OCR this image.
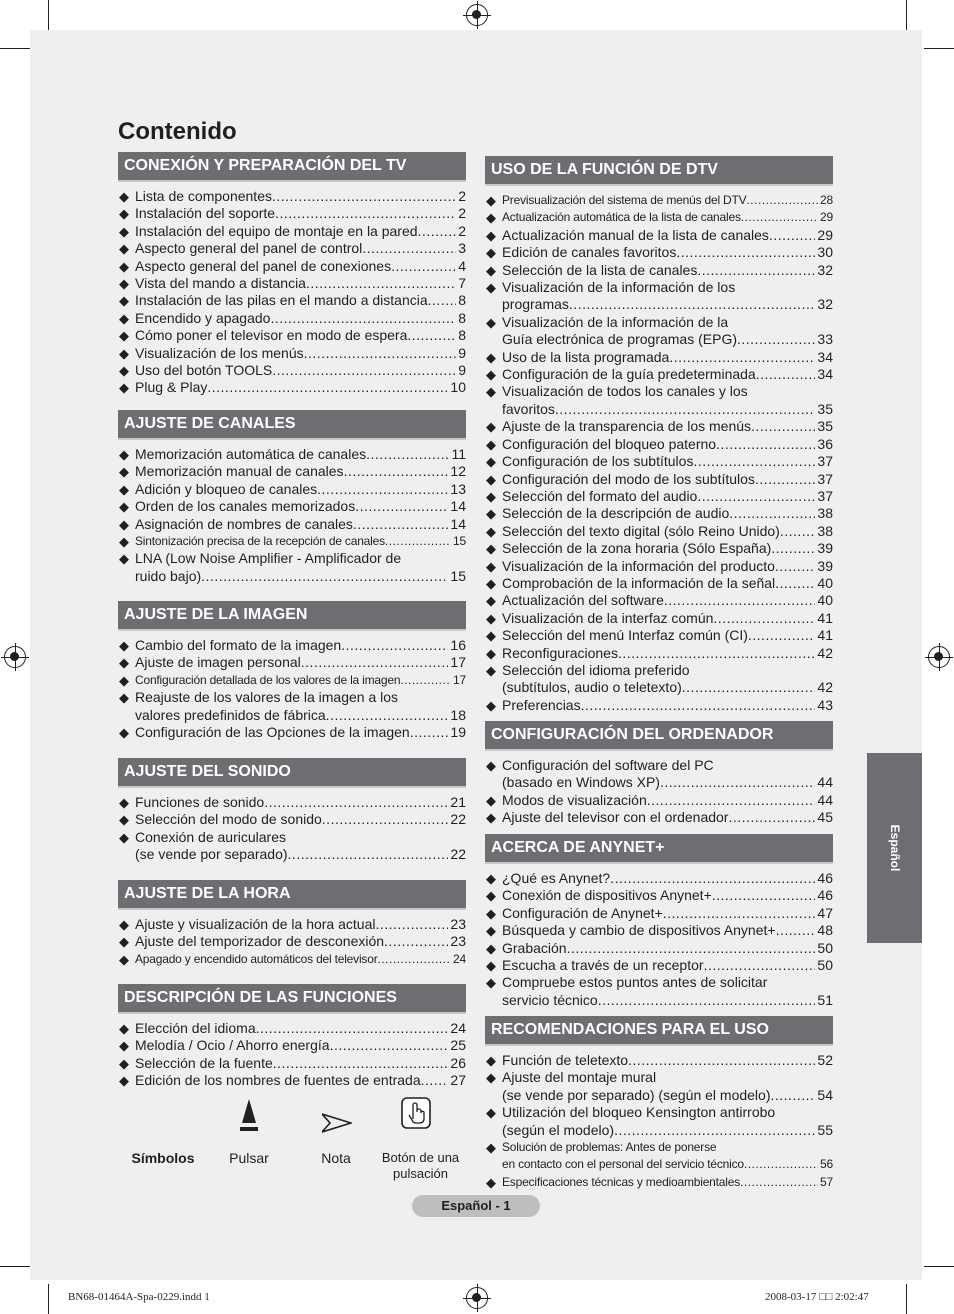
Contenido
CONEXIÓN Y PREPARACIÓN DEL TV
◆ Lista de componentes .....	2
◆ Instalación del soporte .....	2
◆ Instalación del equipo de montaje en la pared .....	2
◆ Aspecto general del panel de control .....	3
◆ Aspecto general del panel de conexiones .....	4
◆ Vista del mando a distancia .....	7
◆ Instalación de las pilas en el mando a distancia ..... 8
◆ Encendido y apagado .....	8
◆ Cómo poner el televisor en modo de espera .....	8
◆ Visualización de los menús .....	9
◆ Uso del botón TOOLS .....	9
◆ Plug & Play .....	10
AJUSTE DE CANALES
◆ Memorización automática de canales .....	11
◆ Memorización manual de canales .....	12
◆ Adición y bloqueo de canales .....	13
◆ Orden de los canales memorizados .....	14
◆ Asignación de nombres de canales .....	14
◆ Sintonización precisa de la recepción de canales .....	15
◆ LNA (Low Noise Amplifier - Amplificador de
ruido bajo) .....	15
AJUSTE DE LA IMAGEN
◆ Cambio del formato de la imagen .....	16
◆ Ajuste de imagen personal .....	17
◆ Configuración detallada de los valores de la imagen .....	17
◆ Reajuste de los valores de la imagen a los
valores predefinidos de fábrica .....	18
◆ Configuración de las Opciones de la imagen .....	19
AJUSTE DEL SONIDO
◆ Funciones de sonido .....	21
◆ Selección del modo de sonido .....	22
◆ Conexión de auriculares
(se vende por separado) .....	22
AJUSTE DE LA HORA
◆ Ajuste y visualización de la hora actual .....	23
◆ Ajuste del temporizador de desconexión .....	23
◆ Apagado y encendido automáticos del televisor .....	24
DESCRIPCIÓN DE LAS FUNCIONES
◆ Elección del idioma .....	24
◆ Melodía / Ocio / Ahorro energía .....	25
◆ Selección de la fuente .....	26
◆ Edición de los nombres de fuentes de entrada ..... 27
USO DE LA FUNCIÓN DE DTV
◆ Previsualización del sistema de menús del DTV .....	28
◆ Actualización automática de la lista de canales .....	29
◆ Actualización manual de la lista de canales .....	29
◆ Edición de canales favoritos .....	30
◆ Selección de la lista de canales .....	32
◆ Visualización de la información de los
programas .....	32
◆ Visualización de la información de la
Guía electrónica de programas (EPG) .....	33
◆ Uso de la lista programada .....	34
◆ Configuración de la guía predeterminada .....	34
◆ Visualización de todos los canales y los
favoritos .....	35
◆ Ajuste de la transparencia de los menús .....	35
◆ Configuración del bloqueo paterno .....	36
◆ Configuración de los subtítulos .....	37
◆ Configuración del modo de los subtítulos .....	37
◆ Selección del formato del audio .....	37
◆ Selección de la descripción de audio .....	38
◆ Selección del texto digital (sólo Reino Unido) .....	38
◆ Selección de la zona horaria (Sólo España) .....	39
◆ Visualización de la información del producto .....	39
◆ Comprobación de la información de la señal .....	40
◆ Actualización del software .....	40
◆ Visualización de la interfaz común .....	41
◆ Selección del menú Interfaz común (CI) .....	41
◆ Reconfiguraciones .....	42
◆ Selección del idioma preferido
(subtítulos, audio o teletexto) .....	42
◆ Preferencias .....	43
CONFIGURACIÓN DEL ORDENADOR
◆ Configuración del software del PC
(basado en Windows XP) .....	44
◆ Modos de visualización .....	44
◆ Ajuste del televisor con el ordenador .....	45
ACERCA DE ANYNET+
◆ ¿Qué es Anynet? .....	46
◆ Conexión de dispositivos Anynet+ .....	46
◆ Configuración de Anynet+ .....	47
◆ Búsqueda y cambio de dispositivos Anynet+ .....	48
◆ Grabación .....	50
◆ Escucha a través de un receptor .....	50
◆ Compruebe estos puntos antes de solicitar
servicio técnico .....	51
RECOMENDACIONES PARA EL USO
◆ Función de teletexto .....	52
◆ Ajuste del montaje mural
(se vende por separado) (según el modelo) .....	54
◆ Utilización del bloqueo Kensington antirrobo
(según el modelo) .....	55
◆ Solución de problemas: Antes de ponerse
en contacto con el personal del servicio técnico .....	56
◆ Especificaciones técnicas y medioambientales .....	57
Símbolos	Pulsar	Nota	Botón de una
pulsación
Español
Español - 1
BN68-01464A-Spa-0229.indd 1	2008-03-17 □□ 2:02:47
